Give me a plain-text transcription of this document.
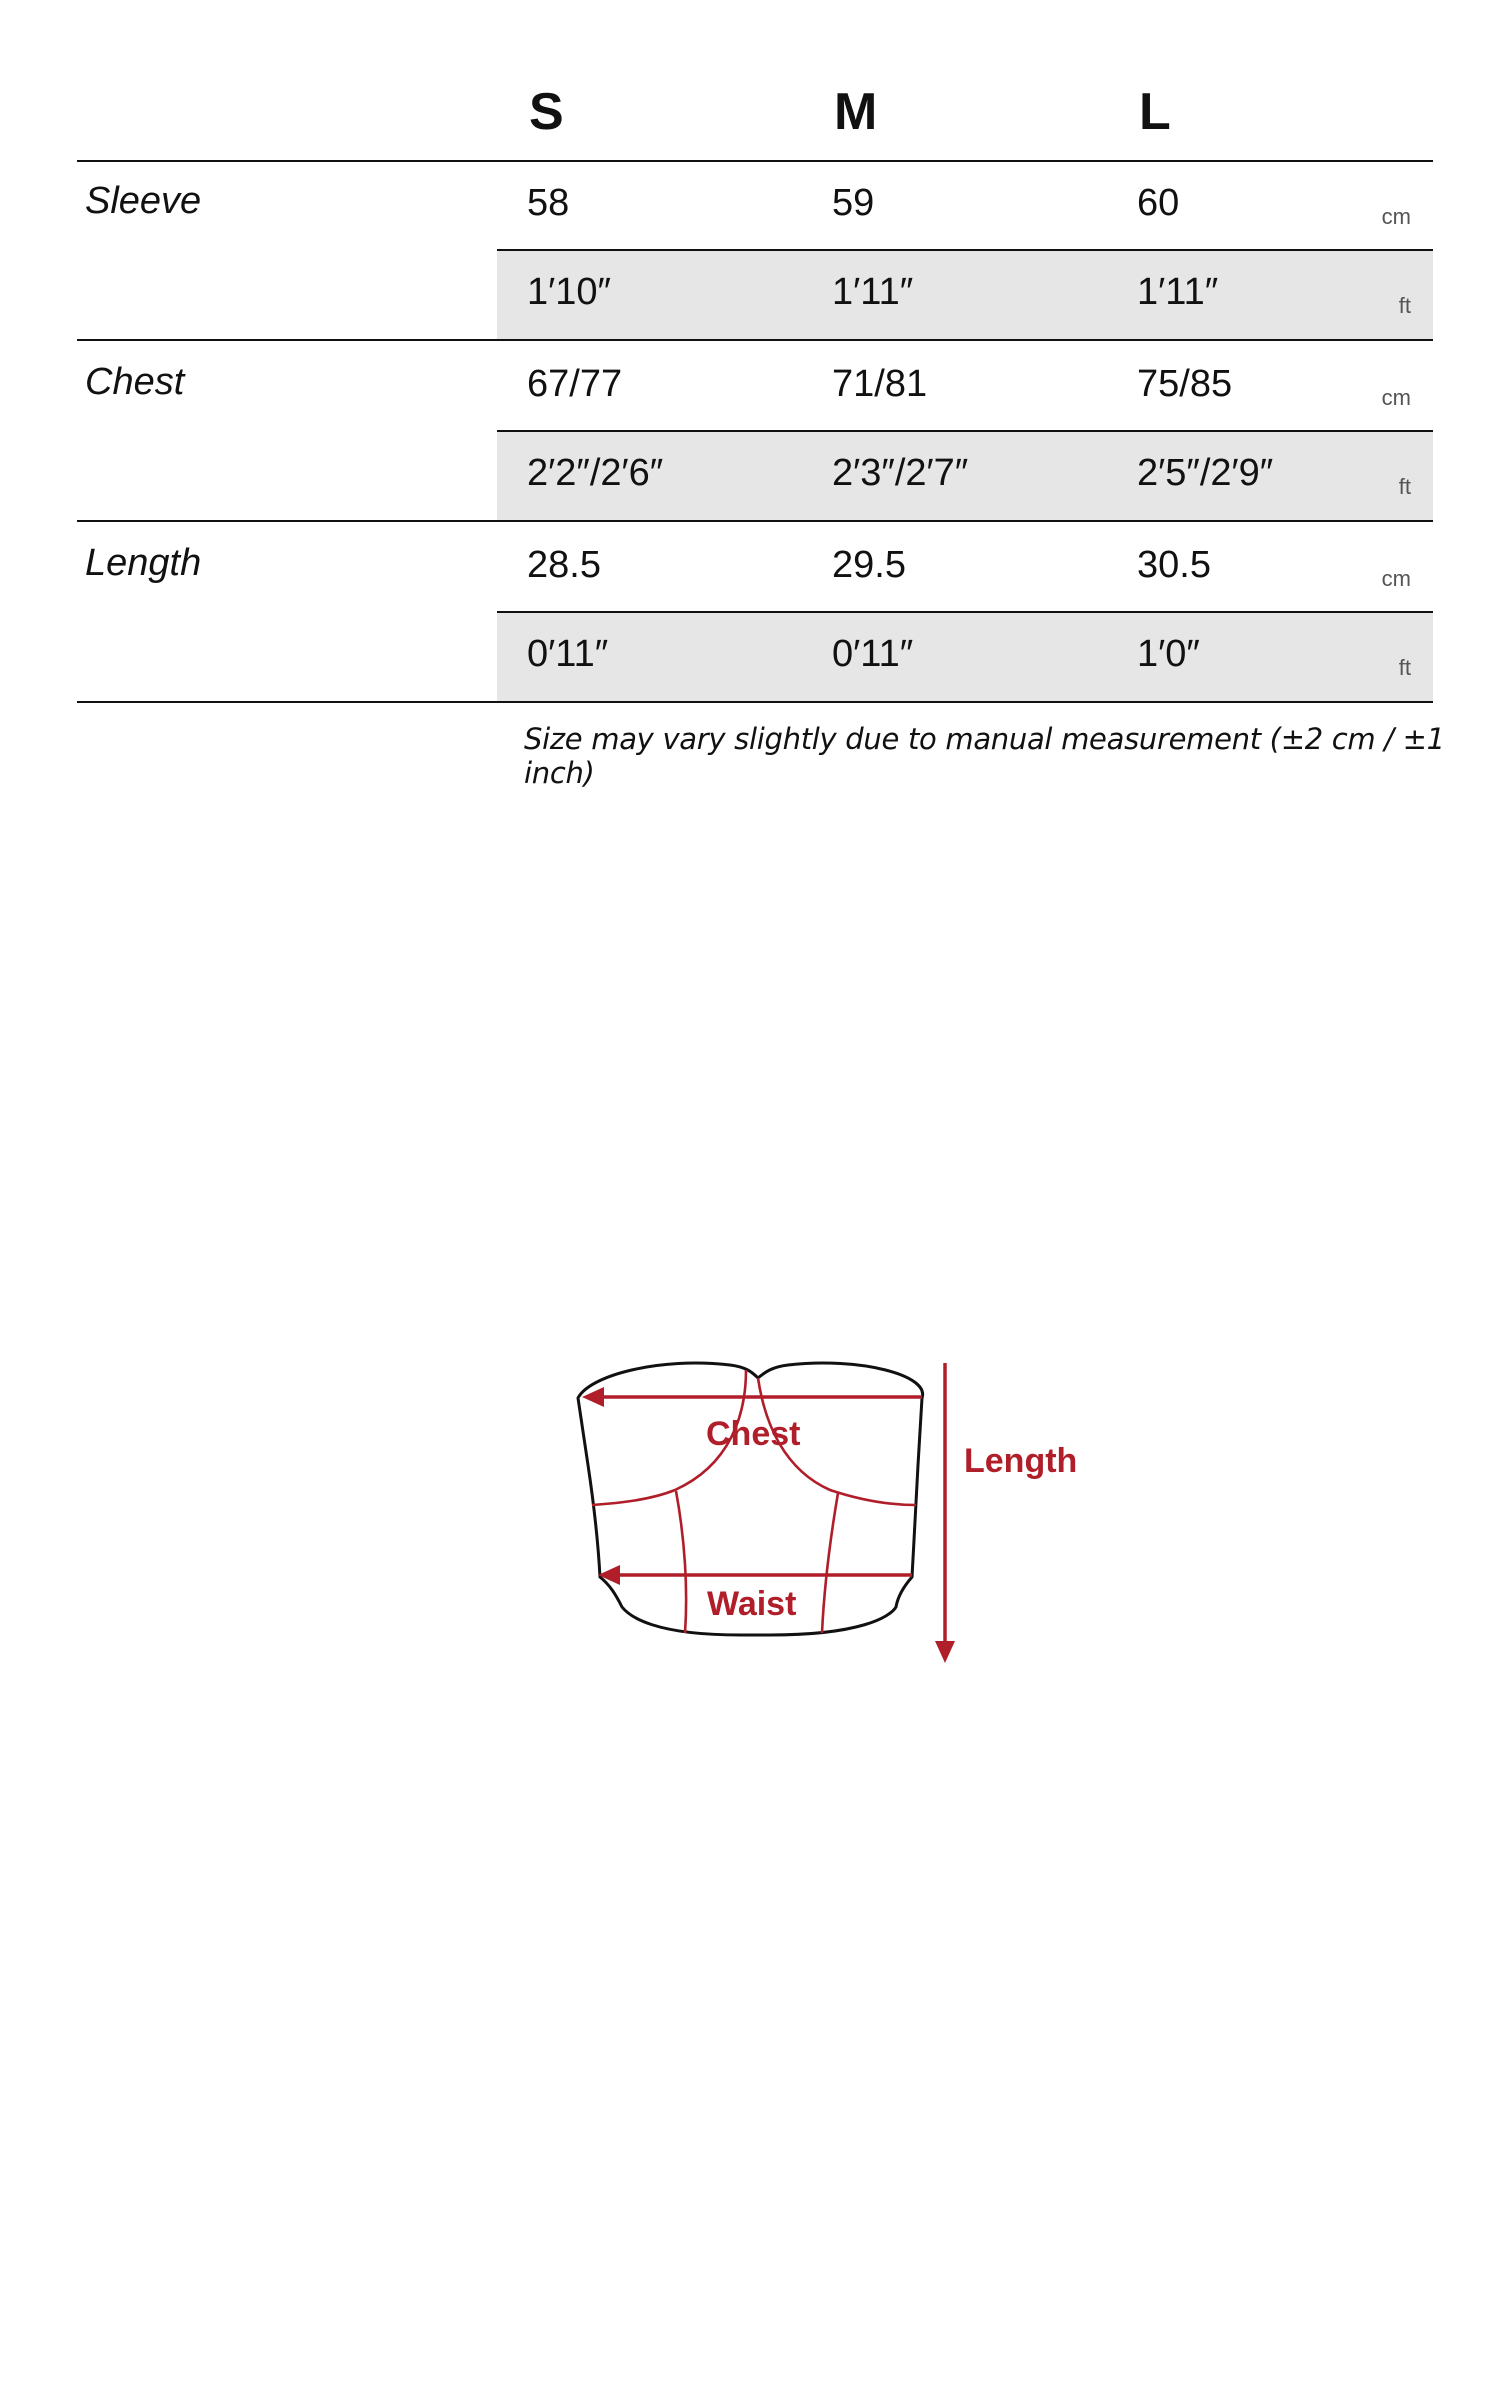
S	M	L
Sleeve	58	59	60	cm
1′10″	1′11″	1′11″	ft
Chest	67/77	71/81	75/85	cm
2′2″/2′6″	2′3″/2′7″	2′5″/2′9″	ft
Length	28.5	29.5	30.5	cm
0′11″	0′11″	1′0″	ft
Size may vary slightly due to manual measurement (±2 cm / ±1 inch)
Chest
Waist
Length
